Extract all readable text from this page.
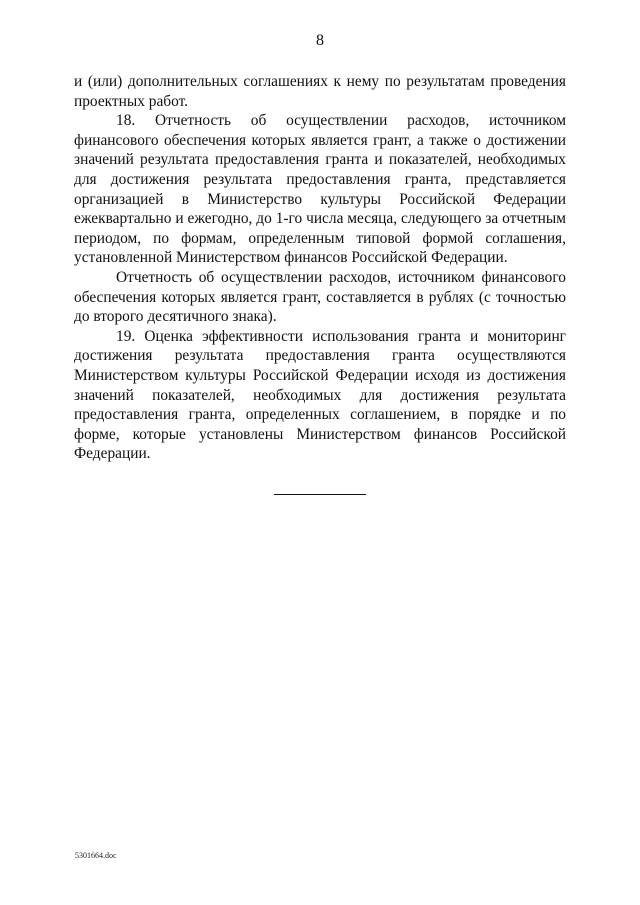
8

и (или) дополнительных соглашениях к нему по результатам проведения проектных работ.

18. Отчетность об осуществлении расходов, источником финансового обеспечения которых является грант, а также о достижении значений результата предоставления гранта и показателей, необходимых для достижения результата предоставления гранта, представляется организацией в Министерство культуры Российской Федерации ежеквартально и ежегодно, до 1-го числа месяца, следующего за отчетным периодом, по формам, определенным типовой формой соглашения, установленной Министерством финансов Российской Федерации.

Отчетность об осуществлении расходов, источником финансового обеспечения которых является грант, составляется в рублях (с точностью до второго десятичного знака).

19. Оценка эффективности использования гранта и мониторинг достижения результата предоставления гранта осуществляются Министерством культуры Российской Федерации исходя из достижения значений показателей, необходимых для достижения результата предоставления гранта, определенных соглашением, в порядке и по форме, которые установлены Министерством финансов Российской Федерации.

5301664.doc
